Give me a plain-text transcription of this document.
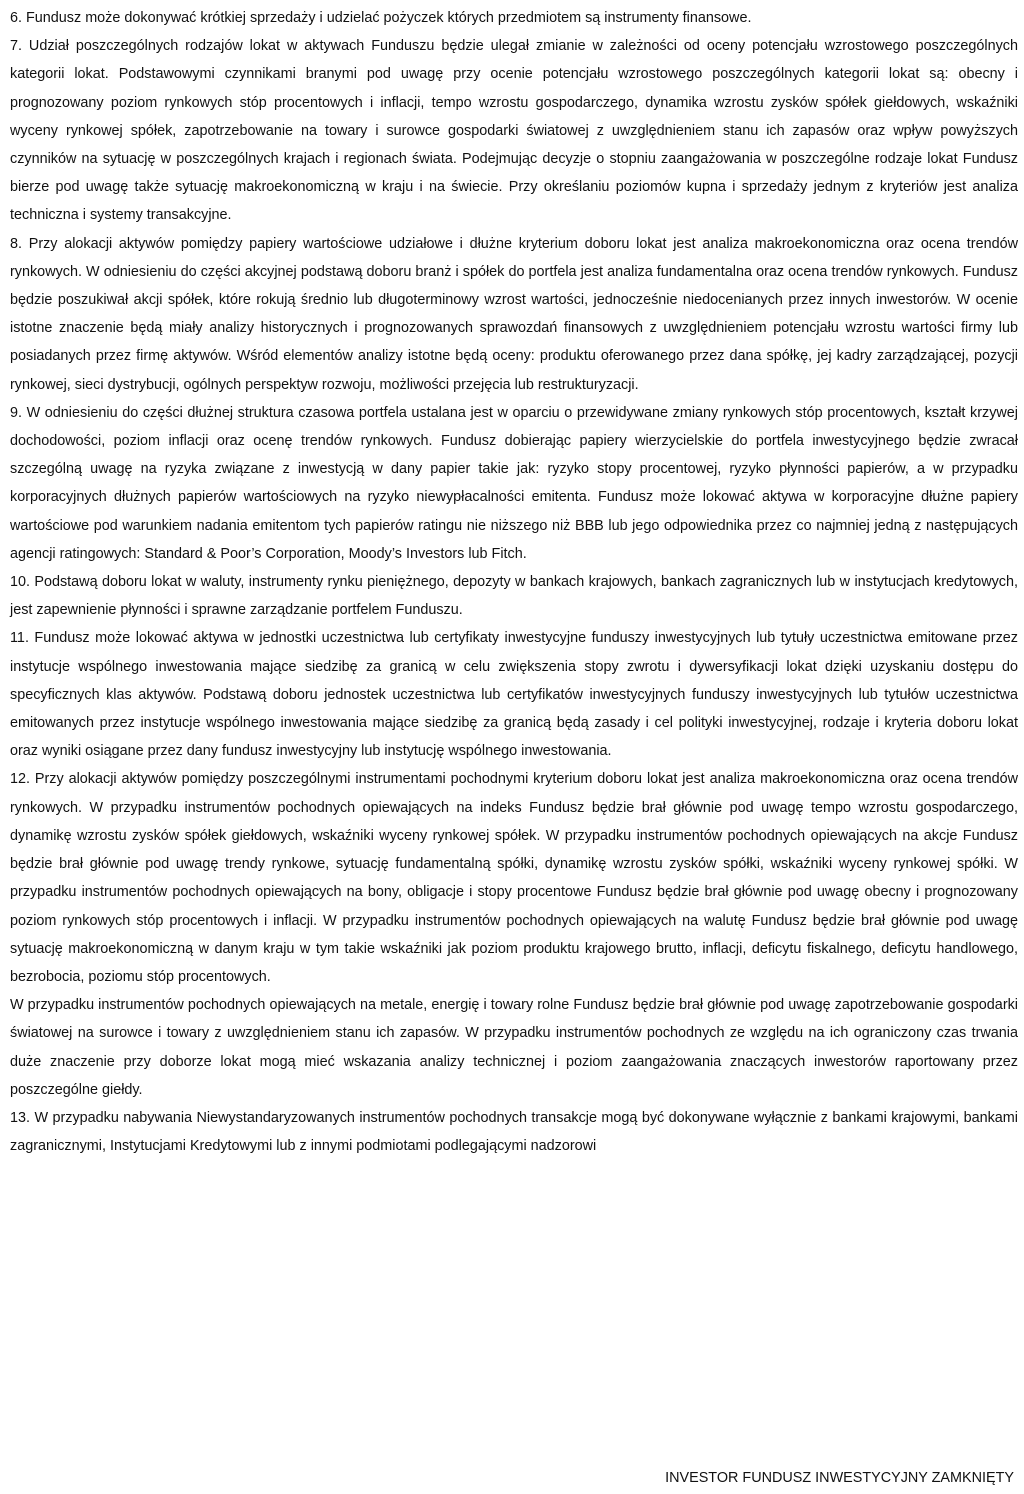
6. Fundusz może dokonywać krótkiej sprzedaży i udzielać pożyczek których przedmiotem są instrumenty finansowe.

7. Udział poszczególnych rodzajów lokat w aktywach Funduszu będzie ulegał zmianie w zależności od oceny potencjału wzrostowego poszczególnych kategorii lokat. Podstawowymi czynnikami branymi pod uwagę przy ocenie potencjału wzrostowego poszczególnych kategorii lokat są: obecny i prognozowany poziom rynkowych stóp procentowych i inflacji, tempo wzrostu gospodarczego, dynamika wzrostu zysków spółek giełdowych, wskaźniki wyceny rynkowej spółek, zapotrzebowanie na towary i surowce gospodarki światowej z uwzględnieniem stanu ich zapasów oraz wpływ powyższych czynników na sytuację w poszczególnych krajach i regionach świata. Podejmując decyzje o stopniu zaangażowania w poszczególne rodzaje lokat Fundusz bierze pod uwagę także sytuację makroekonomiczną w kraju i na świecie. Przy określaniu poziomów kupna i sprzedaży jednym z kryteriów jest analiza techniczna i systemy transakcyjne.

8. Przy alokacji aktywów pomiędzy papiery wartościowe udziałowe i dłużne kryterium doboru lokat jest analiza makroekonomiczna oraz ocena trendów rynkowych. W odniesieniu do części akcyjnej podstawą doboru branż i spółek do portfela jest analiza fundamentalna oraz ocena trendów rynkowych. Fundusz będzie poszukiwał akcji spółek, które rokują średnio lub długoterminowy wzrost wartości, jednocześnie niedocenianych przez innych inwestorów. W ocenie istotne znaczenie będą miały analizy historycznych i prognozowanych sprawozdań finansowych z uwzględnieniem potencjału wzrostu wartości firmy lub posiadanych przez firmę aktywów. Wśród elementów analizy istotne będą oceny: produktu oferowanego przez dana spółkę, jej kadry zarządzającej, pozycji rynkowej, sieci dystrybucji, ogólnych perspektyw rozwoju, możliwości przejęcia lub restrukturyzacji.

9. W odniesieniu do części dłużnej struktura czasowa portfela ustalana jest w oparciu o przewidywane zmiany rynkowych stóp procentowych, kształt krzywej dochodowości, poziom inflacji oraz ocenę trendów rynkowych. Fundusz dobierając papiery wierzycielskie do portfela inwestycyjnego będzie zwracał szczególną uwagę na ryzyka związane z inwestycją w dany papier takie jak: ryzyko stopy procentowej, ryzyko płynności papierów, a w przypadku korporacyjnych dłużnych papierów wartościowych na ryzyko niewypłacalności emitenta. Fundusz może lokować aktywa w korporacyjne dłużne papiery wartościowe pod warunkiem nadania emitentom tych papierów ratingu nie niższego niż BBB lub jego odpowiednika przez co najmniej jedną z następujących agencji ratingowych: Standard & Poor’s Corporation, Moody’s Investors lub Fitch.

10. Podstawą doboru lokat w waluty, instrumenty rynku pieniężnego, depozyty w bankach krajowych, bankach zagranicznych lub w instytucjach kredytowych, jest zapewnienie płynności i sprawne zarządzanie portfelem Funduszu.

11. Fundusz może lokować aktywa w jednostki uczestnictwa lub certyfikaty inwestycyjne funduszy inwestycyjnych lub tytuły uczestnictwa emitowane przez instytucje wspólnego inwestowania mające siedzibę za granicą w celu zwiększenia stopy zwrotu i dywersyfikacji lokat dzięki uzyskaniu dostępu do specyficznych klas aktywów. Podstawą doboru jednostek uczestnictwa lub certyfikatów inwestycyjnych funduszy inwestycyjnych lub tytułów uczestnictwa emitowanych przez instytucje wspólnego inwestowania mające siedzibę za granicą będą zasady i cel polityki inwestycyjnej, rodzaje i kryteria doboru lokat oraz wyniki osiągane przez dany fundusz inwestycyjny lub instytucję wspólnego inwestowania.

12. Przy alokacji aktywów pomiędzy poszczególnymi instrumentami pochodnymi kryterium doboru lokat jest analiza makroekonomiczna oraz ocena trendów rynkowych. W przypadku instrumentów pochodnych opiewających na indeks Fundusz będzie brał głównie pod uwagę tempo wzrostu gospodarczego, dynamikę wzrostu zysków spółek giełdowych, wskaźniki wyceny rynkowej spółek. W przypadku instrumentów pochodnych opiewających na akcje Fundusz będzie brał głównie pod uwagę trendy rynkowe, sytuację fundamentalną spółki, dynamikę wzrostu zysków spółki, wskaźniki wyceny rynkowej spółki. W przypadku instrumentów pochodnych opiewających na bony, obligacje i stopy procentowe Fundusz będzie brał głównie pod uwagę obecny i prognozowany poziom rynkowych stóp procentowych i inflacji. W przypadku instrumentów pochodnych opiewających na walutę Fundusz będzie brał głównie pod uwagę sytuację makroekonomiczną w danym kraju w tym takie wskaźniki jak poziom produktu krajowego brutto, inflacji, deficytu fiskalnego, deficytu handlowego, bezrobocia, poziomu stóp procentowych.

W przypadku instrumentów pochodnych opiewających na metale, energię i towary rolne Fundusz będzie brał głównie pod uwagę zapotrzebowanie gospodarki światowej na surowce i towary z uwzględnieniem stanu ich zapasów. W przypadku instrumentów pochodnych ze względu na ich ograniczony czas trwania duże znaczenie przy doborze lokat mogą mieć wskazania analizy technicznej i poziom zaangażowania znaczących inwestorów raportowany przez poszczególne giełdy.

13. W przypadku nabywania Niewystandaryzowanych instrumentów pochodnych transakcje mogą być dokonywane wyłącznie z bankami krajowymi, bankami zagranicznymi, Instytucjami Kredytowymi lub z innymi podmiotami podlegającymi nadzorowi

INVESTOR FUNDUSZ INWESTYCYJNY ZAMKNIĘTY
